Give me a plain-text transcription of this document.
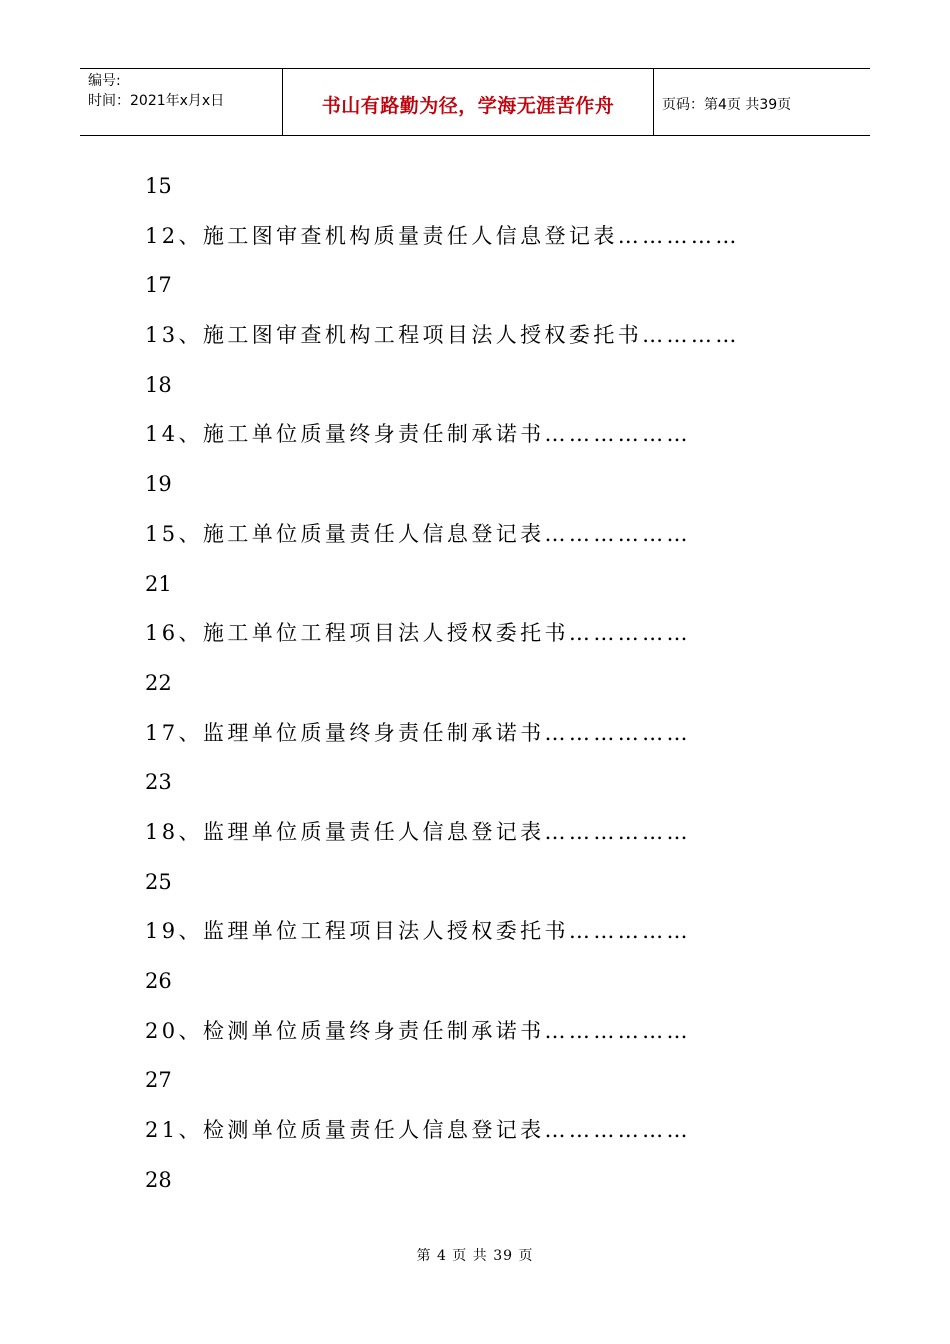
编号:
时间：2021年x月x日	书山有路勤为径，学海无涯苦作舟	页码：第4页 共39页
15
12、施工图审查机构质量责任人信息登记表……………
17
13、施工图审查机构工程项目法人授权委托书…………
18
14、施工单位质量终身责任制承诺书………………
19
15、施工单位质量责任人信息登记表………………
21
16、施工单位工程项目法人授权委托书……………
22
17、监理单位质量终身责任制承诺书………………
23
18、监理单位质量责任人信息登记表………………
25
19、监理单位工程项目法人授权委托书……………
26
20、检测单位质量终身责任制承诺书………………
27
21、检测单位质量责任人信息登记表………………
28
第 4 页 共 39 页
